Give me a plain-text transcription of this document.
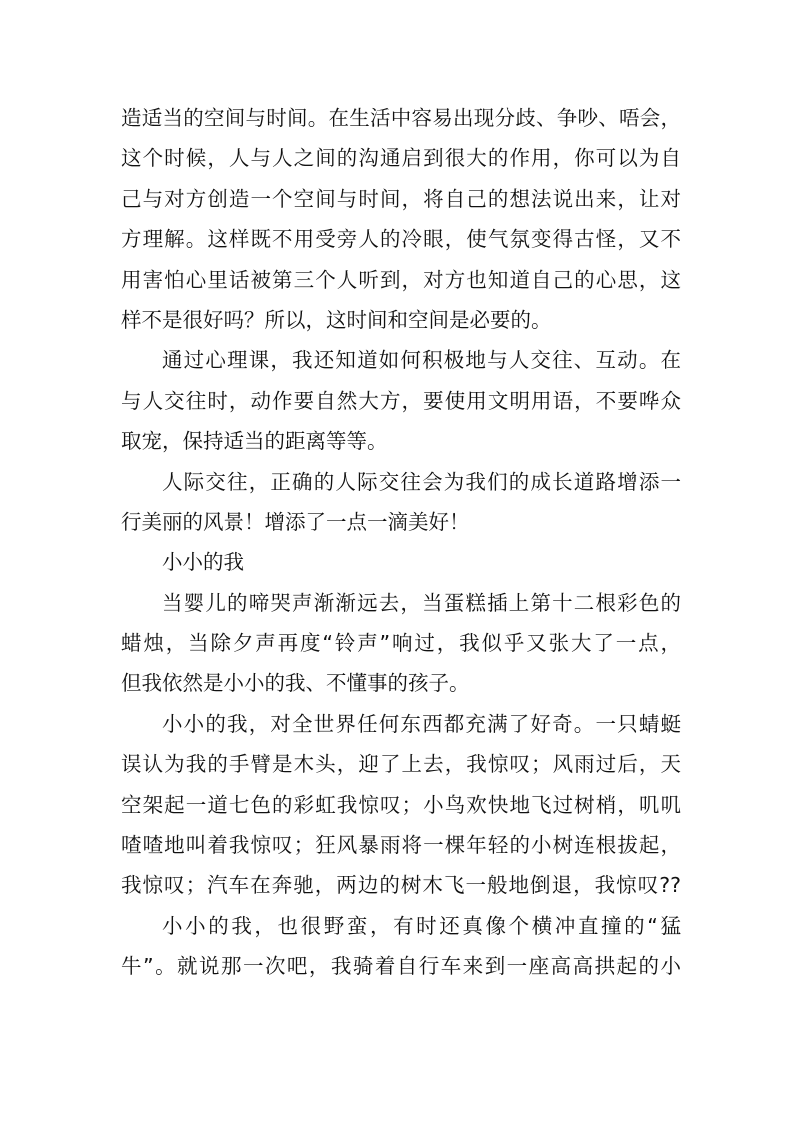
造适当的空间与时间。在生活中容易出现分歧、争吵、唔会，
这个时候，人与人之间的沟通启到很大的作用，你可以为自
己与对方创造一个空间与时间，将自己的想法说出来，让对
方理解。这样既不用受旁人的冷眼，使气氛变得古怪，又不
用害怕心里话被第三个人听到，对方也知道自己的心思，这
样不是很好吗？所以，这时间和空间是必要的。
通过心理课，我还知道如何积极地与人交往、互动。在
与人交往时，动作要自然大方，要使用文明用语，不要哗众
取宠，保持适当的距离等等。
人际交往，正确的人际交往会为我们的成长道路增添一
行美丽的风景！增添了一点一滴美好！
小小的我
当婴儿的啼哭声渐渐远去，当蛋糕插上第十二根彩色的
蜡烛，当除夕声再度“铃声”响过，我似乎又张大了一点，
但我依然是小小的我、不懂事的孩子。
小小的我，对全世界任何东西都充满了好奇。一只蜻蜓
误认为我的手臂是木头，迎了上去，我惊叹；风雨过后，天
空架起一道七色的彩虹我惊叹；小鸟欢快地飞过树梢，叽叽
喳喳地叫着我惊叹；狂风暴雨将一棵年轻的小树连根拔起，
我惊叹；汽车在奔驰，两边的树木飞一般地倒退，我惊叹??
小小的我，也很野蛮，有时还真像个横冲直撞的“猛
牛”。就说那一次吧，我骑着自行车来到一座高高拱起的小
